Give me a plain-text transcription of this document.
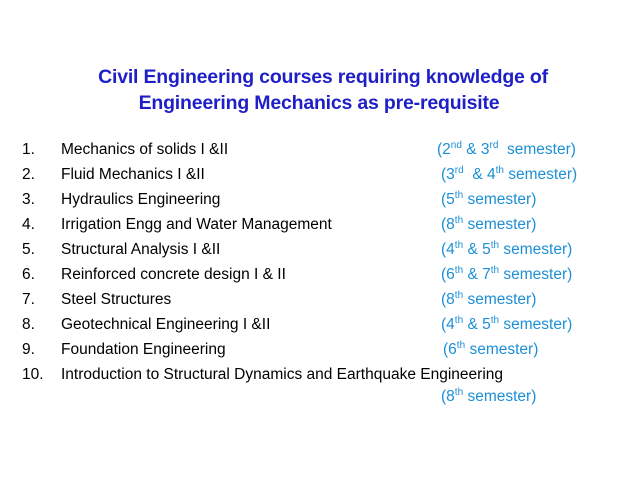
Civil Engineering courses requiring knowledge of
Engineering Mechanics as pre-requisite
1. Mechanics of solids I &II	(2nd & 3rd  semester)
2. Fluid Mechanics I &II	(3rd  & 4th semester)
3. Hydraulics Engineering	(5th semester)
4. Irrigation Engg and Water Management	(8th semester)
5. Structural Analysis I &II	(4th & 5th semester)
6. Reinforced concrete design I & II	(6th & 7th semester)
7. Steel Structures	(8th semester)
8. Geotechnical Engineering I &II	(4th & 5th semester)
9. Foundation Engineering	(6th semester)
10. Introduction to Structural Dynamics and Earthquake Engineering
(8th semester)
